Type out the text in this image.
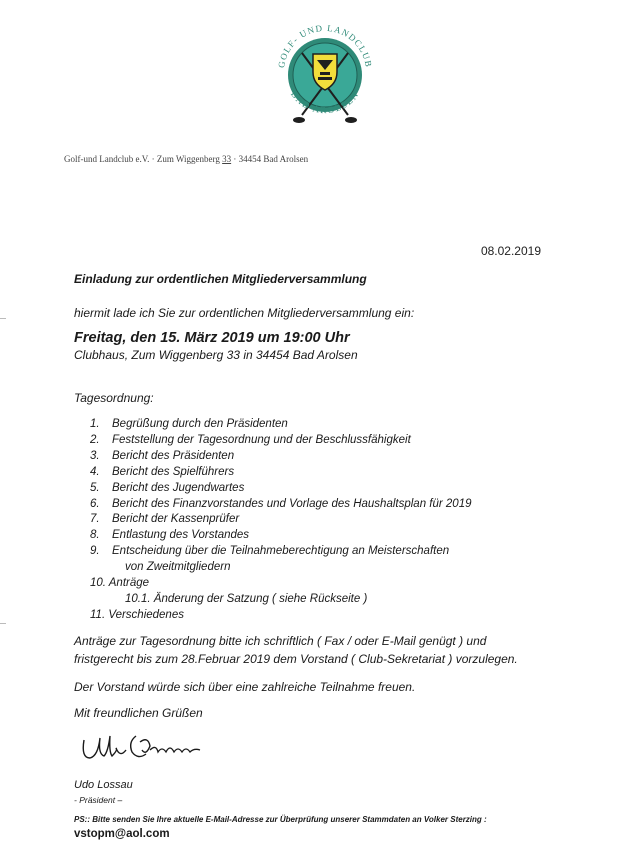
GOLF- UND LANDCLUB
BAD AROLSEN
Golf-und Landclub e.V. · Zum Wiggenberg 33 · 34454 Bad Arolsen
08.02.2019
Einladung zur ordentlichen Mitgliederversammlung
hiermit lade ich Sie zur ordentlichen Mitgliederversammlung ein:
Freitag, den 15. März 2019 um 19:00 Uhr
Clubhaus, Zum Wiggenberg 33 in 34454 Bad Arolsen
Tagesordnung:
1. Begrüßung durch den Präsidenten
2. Feststellung der Tagesordnung und der Beschlussfähigkeit
3. Bericht des Präsidenten
4. Bericht des Spielführers
5. Bericht des Jugendwartes
6. Bericht des Finanzvorstandes und Vorlage des Haushaltsplan für 2019
7. Bericht der Kassenprüfer
8. Entlastung des Vorstandes
9. Entscheidung über die Teilnahmeberechtigung an Meisterschaften
von Zweitmitgliedern
10. Anträge
10.1. Änderung der Satzung ( siehe Rückseite )
11. Verschiedenes
Anträge zur Tagesordnung bitte ich schriftlich ( Fax / oder E-Mail genügt ) und
fristgerecht bis zum 28.Februar 2019 dem Vorstand ( Club-Sekretariat ) vorzulegen.
Der Vorstand würde sich über eine zahlreiche Teilnahme freuen.
Mit freundlichen Grüßen
Udo Lossau
- Präsident –
PS:: Bitte senden Sie Ihre aktuelle E-Mail-Adresse zur Überprüfung unserer Stammdaten an Volker Sterzing :
vstopm@aol.com
